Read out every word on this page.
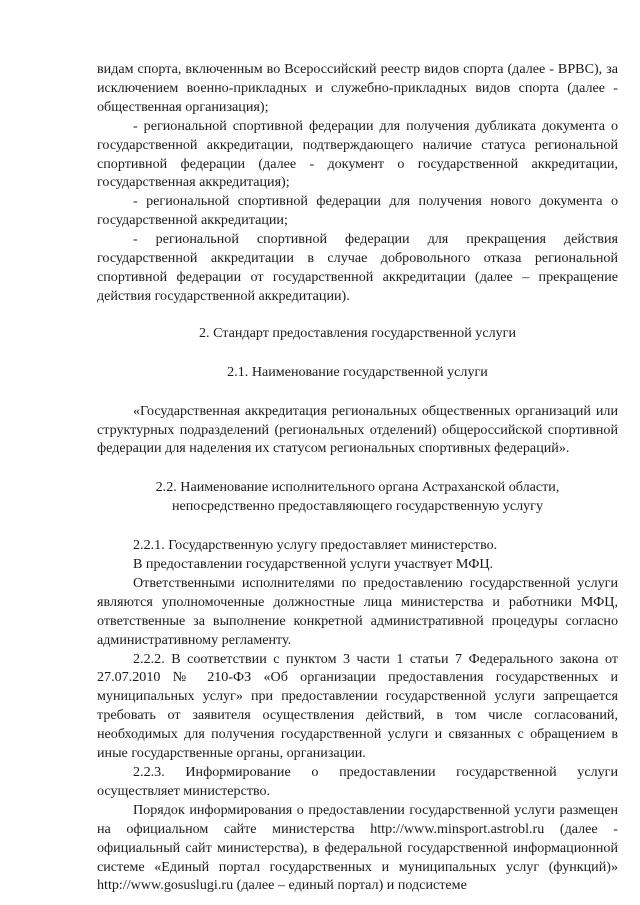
видам спорта, включенным во Всероссийский реестр видов спорта (далее - ВРВС), за исключением военно-прикладных и служебно-прикладных видов спорта (далее - общественная организация);

- региональной спортивной федерации для получения дубликата документа о государственной аккредитации, подтверждающего наличие статуса региональной спортивной федерации (далее - документ о государственной аккредитации, государственная аккредитация);

- региональной спортивной федерации для получения нового документа о государственной аккредитации;

- региональной спортивной федерации для прекращения действия государственной аккредитации в случае добровольного отказа региональной спортивной федерации от государственной аккредитации (далее – прекращение действия государственной аккредитации).

2. Стандарт предоставления государственной услуги

2.1. Наименование государственной услуги

«Государственная аккредитация региональных общественных организаций или структурных подразделений (региональных отделений) общероссийской спортивной федерации для наделения их статусом региональных спортивных федераций».

2.2. Наименование исполнительного органа Астраханской области,

непосредственно предоставляющего государственную услугу

2.2.1. Государственную услугу предоставляет министерство.

В предоставлении государственной услуги участвует МФЦ.

Ответственными исполнителями по предоставлению государственной услуги являются уполномоченные должностные лица министерства и работники МФЦ, ответственные за выполнение конкретной административной процедуры согласно административному регламенту.

2.2.2. В соответствии с пунктом 3 части 1 статьи 7 Федерального закона от 27.07.2010 № 210-ФЗ «Об организации предоставления государственных и муниципальных услуг» при предоставлении государственной услуги запрещается требовать от заявителя осуществления действий, в том числе согласований, необходимых для получения государственной услуги и связанных с обращением в иные государственные органы, организации.

2.2.3. Информирование о предоставлении государственной услуги осуществляет министерство.

Порядок информирования о предоставлении государственной услуги размещен на официальном сайте министерства http://www.minsport.astrobl.ru (далее - официальный сайт министерства), в федеральной государственной информационной системе «Единый портал государственных и муниципальных услуг (функций)» http://www.gosuslugi.ru (далее – единый портал) и подсистеме
